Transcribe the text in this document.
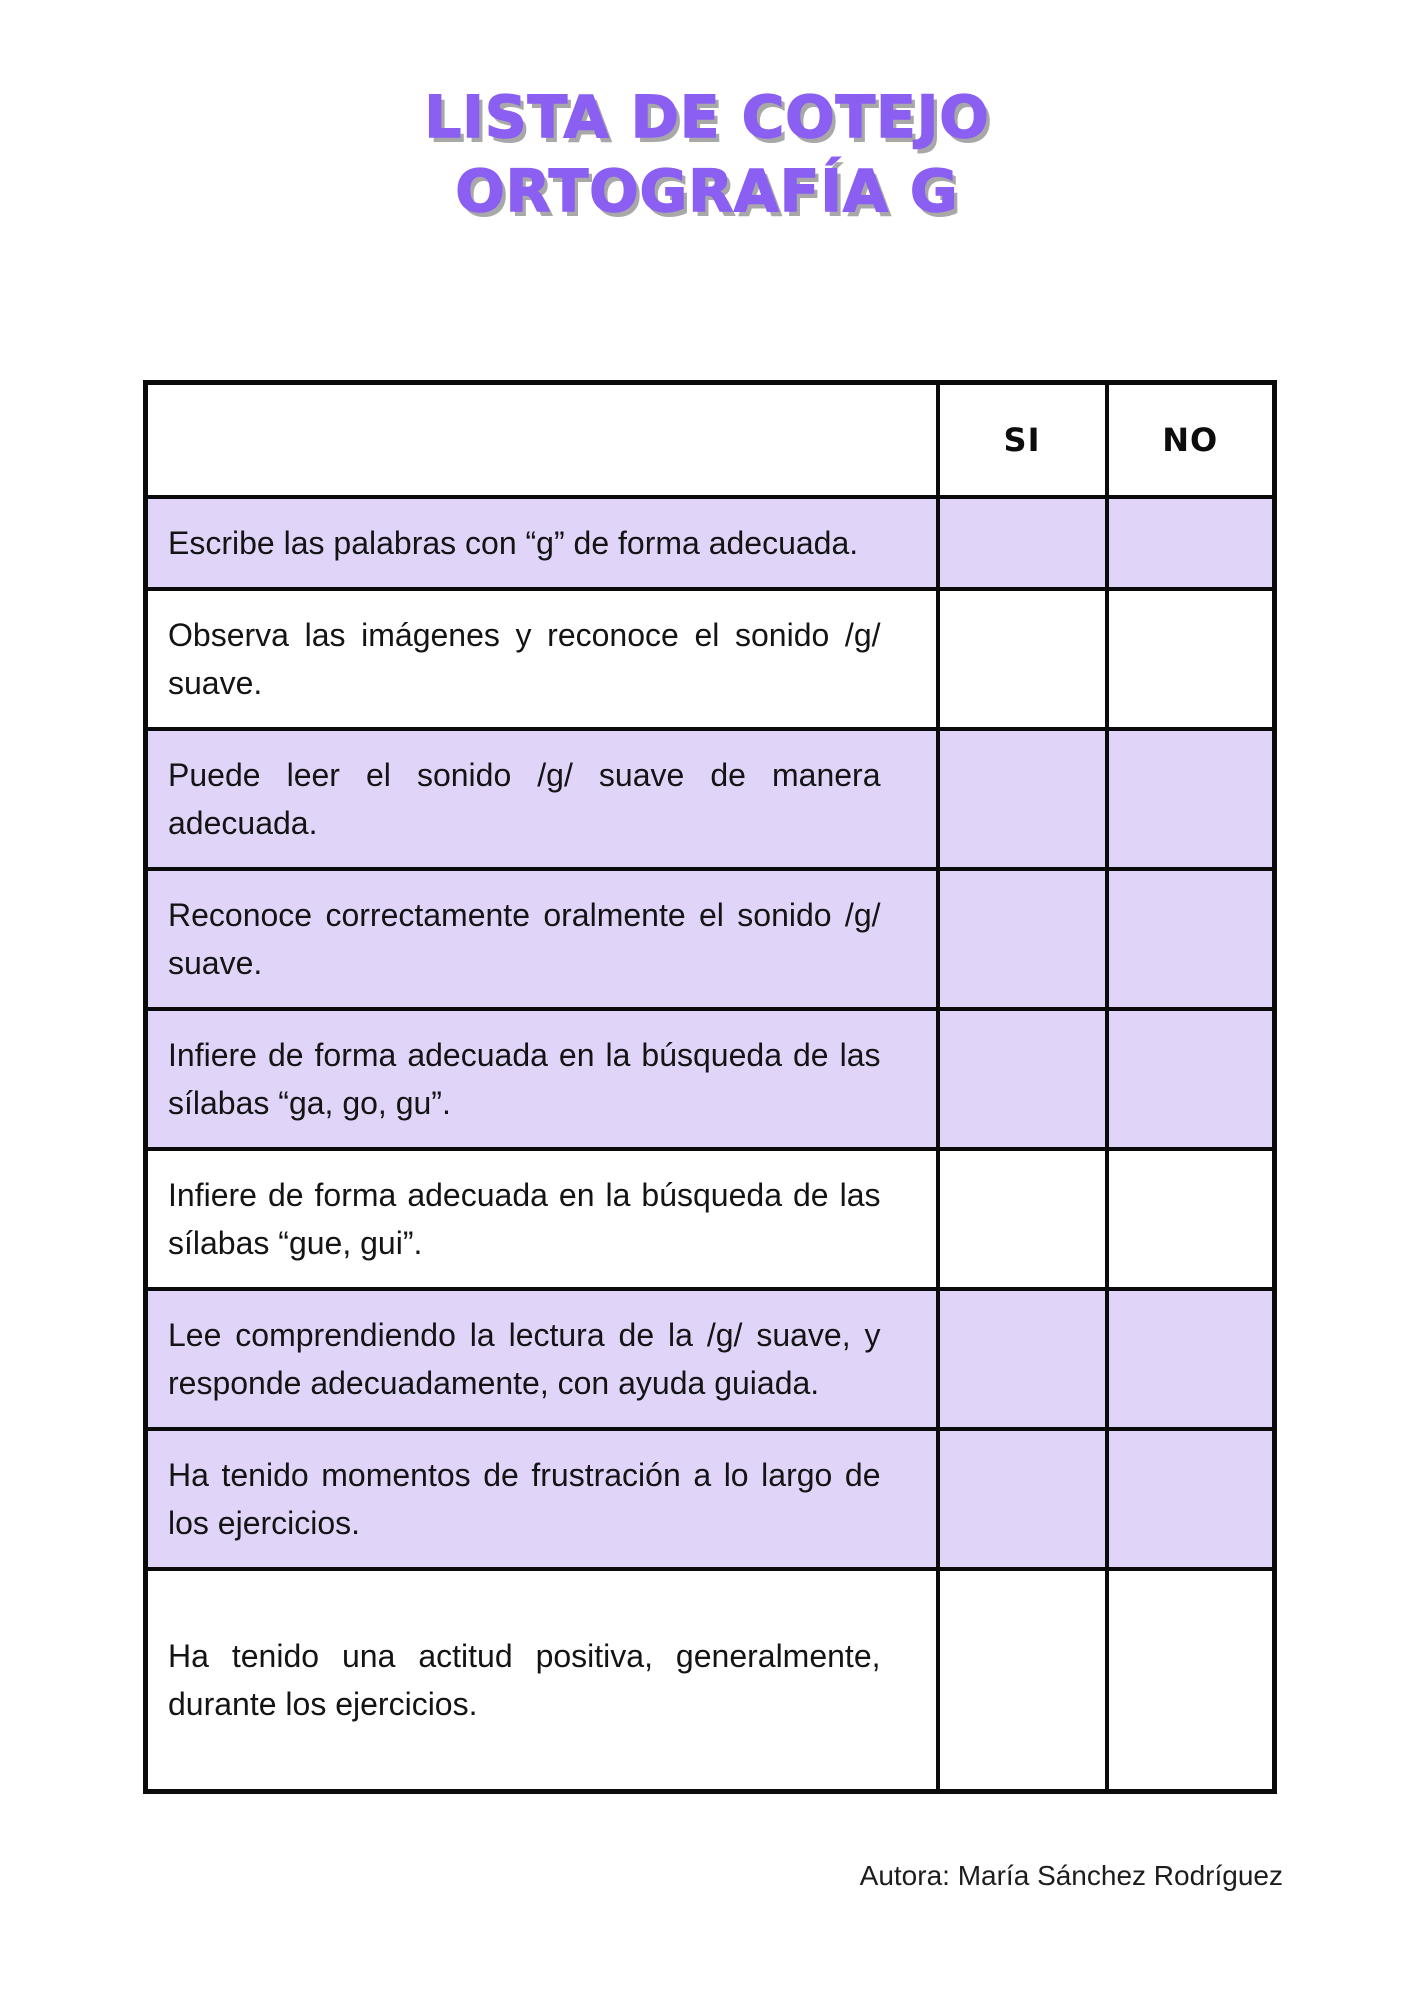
LISTA DE COTEJO
ORTOGRAFÍA G
	SI	NO
Escribe las palabras con “g” de forma adecuada.		
Observa las imágenes y reconoce el sonido /g/ suave.		
Puede leer el sonido /g/ suave de manera adecuada.		
Reconoce correctamente oralmente el sonido /g/ suave.		
Infiere de forma adecuada en la búsqueda de las sílabas “ga, go, gu”.		
Infiere de forma adecuada en la búsqueda de las sílabas “gue, gui”.		
Lee comprendiendo la lectura de la /g/ suave, y responde adecuadamente, con ayuda guiada.		
Ha tenido momentos de frustración a lo largo de los ejercicios.		
Ha tenido una actitud positiva, generalmente, durante los ejercicios.		
Autora: María Sánchez Rodríguez
